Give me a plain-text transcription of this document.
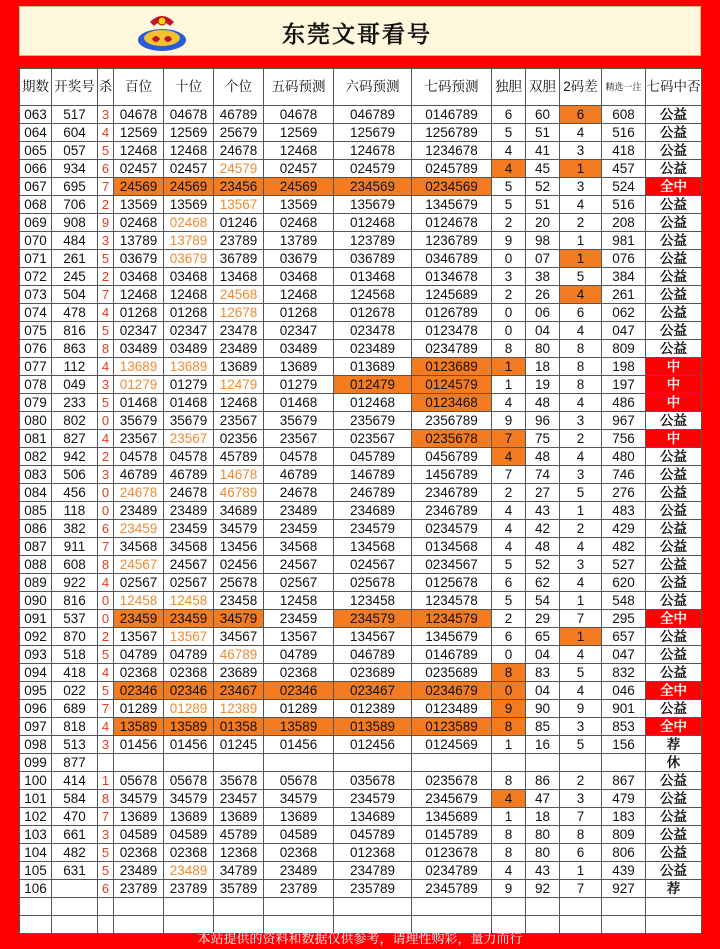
东莞文哥看号
期数	开奖号	杀	百位	十位	个位	五码预测	六码预测	七码预测	独胆	双胆	2码差	精选一注	七码中否
063	517	3	04678	04678	46789	04678	046789	0146789	6	60	6	608	公益
064	604	4	12569	12569	25679	12569	125679	1256789	5	51	4	516	公益
065	057	5	12468	12468	24678	12468	124678	1234678	4	41	3	418	公益
066	934	6	02457	02457	24579	02457	024579	0245789	4	45	1	457	公益
067	695	7	24569	24569	23456	24569	234569	0234569	5	52	3	524	全中
068	706	2	13569	13569	13567	13569	135679	1345679	5	51	4	516	公益
069	908	9	02468	02468	01246	02468	012468	0124678	2	20	2	208	公益
070	484	3	13789	13789	23789	13789	123789	1236789	9	98	1	981	公益
071	261	5	03679	03679	36789	03679	036789	0346789	0	07	1	076	公益
072	245	2	03468	03468	13468	03468	013468	0134678	3	38	5	384	公益
073	504	7	12468	12468	24568	12468	124568	1245689	2	26	4	261	公益
074	478	4	01268	01268	12678	01268	012678	0126789	0	06	6	062	公益
075	816	5	02347	02347	23478	02347	023478	0123478	0	04	4	047	公益
076	863	8	03489	03489	23489	03489	023489	0234789	8	80	8	809	公益
077	112	4	13689	13689	13689	13689	013689	0123689	1	18	8	198	中
078	049	3	01279	01279	12479	01279	012479	0124579	1	19	8	197	中
079	233	5	01468	01468	12468	01468	012468	0123468	4	48	4	486	中
080	802	0	35679	35679	23567	35679	235679	2356789	9	96	3	967	公益
081	827	4	23567	23567	02356	23567	023567	0235678	7	75	2	756	中
082	942	2	04578	04578	45789	04578	045789	0456789	4	48	4	480	公益
083	506	3	46789	46789	14678	46789	146789	1456789	7	74	3	746	公益
084	456	0	24678	24678	46789	24678	246789	2346789	2	27	5	276	公益
085	118	0	23489	23489	34689	23489	234689	2346789	4	43	1	483	公益
086	382	6	23459	23459	34579	23459	234579	0234579	4	42	2	429	公益
087	911	7	34568	34568	13456	34568	134568	0134568	4	48	4	482	公益
088	608	8	24567	24567	02456	24567	024567	0234567	5	52	3	527	公益
089	922	4	02567	02567	25678	02567	025678	0125678	6	62	4	620	公益
090	816	0	12458	12458	23458	12458	123458	1234578	5	54	1	548	公益
091	537	0	23459	23459	34579	23459	234579	1234579	2	29	7	295	全中
092	870	2	13567	13567	34567	13567	134567	1345679	6	65	1	657	公益
093	518	5	04789	04789	46789	04789	046789	0146789	0	04	4	047	公益
094	418	4	02368	02368	23689	02368	023689	0235689	8	83	5	832	公益
095	022	5	02346	02346	23467	02346	023467	0234679	0	04	4	046	全中
096	689	7	01289	01289	12389	01289	012389	0123489	9	90	9	901	公益
097	818	4	13589	13589	01358	13589	013589	0123589	8	85	3	853	全中
098	513	3	01456	01456	01245	01456	012456	0124569	1	16	5	156	荐
099	877												休
100	414	1	05678	05678	35678	05678	035678	0235678	8	86	2	867	公益
101	584	8	34579	34579	23457	34579	234579	2345679	4	47	3	479	公益
102	470	7	13689	13689	13689	13689	134689	1345689	1	18	7	183	公益
103	661	3	04589	04589	45789	04589	045789	0145789	8	80	8	809	公益
104	482	5	02368	02368	12368	02368	012368	0123678	8	80	6	806	公益
105	631	5	23489	23489	34789	23489	234789	0234789	4	43	1	439	公益
106		6	23789	23789	35789	23789	235789	2345789	9	92	7	927	荐

本站提供的资料和数据仅供参考，请理性购彩，量力而行
